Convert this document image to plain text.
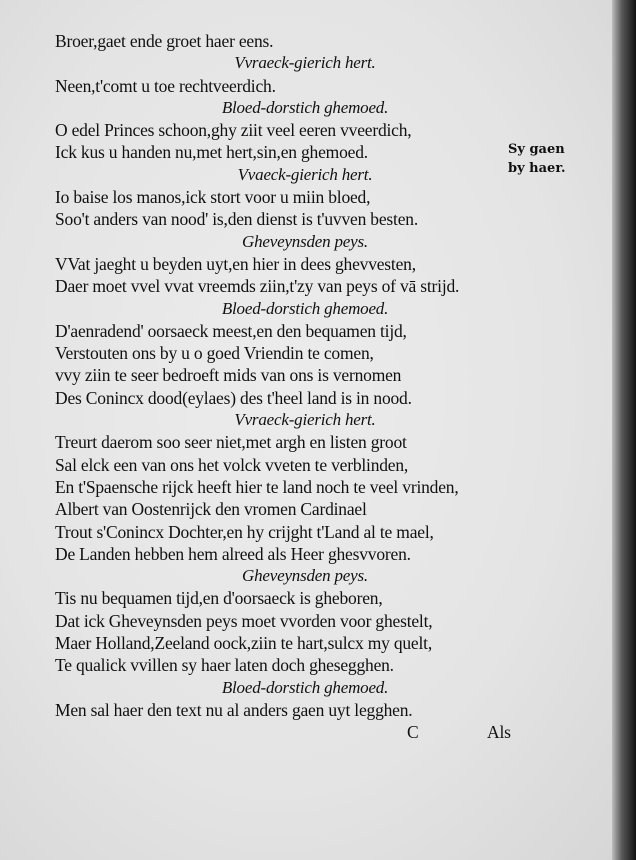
Broer,gaet ende groet haer eens.
Vvraeck-gierich hert.
Neen,t'comt u toe rechtveerdich.
Bloed-dorstich ghemoed.
O edel Princes schoon,ghy ziit veel eeren vveerdich,
Ick kus u handen nu,met hert,sin,en ghemoed.
Vvaeck-gierich hert.
Io baise los manos,ick stort voor u miin bloed,
Soo't anders van nood' is,den dienst is t'uvven besten.
Gheveynsden peys.
VVat jaeght u beyden uyt,en hier in dees ghevvesten,
Daer moet vvel vvat vreemds ziin,t'zy van peys of vā strijd.
Bloed-dorstich ghemoed.
D'aenradend' oorsaeck meest,en den bequamen tijd,
Verstouten ons by u o goed Vriendin te comen,
vvy ziin te seer bedroeft mids van ons is vernomen
Des Conincx dood(eylaes) des t'heel land is in nood.
Vvraeck-gierich hert.
Treurt daerom soo seer niet,met argh en listen groot
Sal elck een van ons het volck vveten te verblinden,
En t'Spaensche rijck heeft hier te land noch te veel vrinden,
Albert van Oostenrijck den vromen Cardinael
Trout s'Conincx Dochter,en hy crijght t'Land al te mael,
De Landen hebben hem alreed als Heer ghesvvoren.
Gheveynsden peys.
Tis nu bequamen tijd,en d'oorsaeck is gheboren,
Dat ick Gheveynsden peys moet vvorden voor ghestelt,
Maer Holland,Zeeland oock,ziin te hart,sulcx my quelt,
Te qualick vvillen sy haer laten doch ghesegghen.
Bloed-dorstich ghemoed.
Men sal haer den text nu al anders gaen uyt legghen.
C	Als
Sy gaen
by haer.
